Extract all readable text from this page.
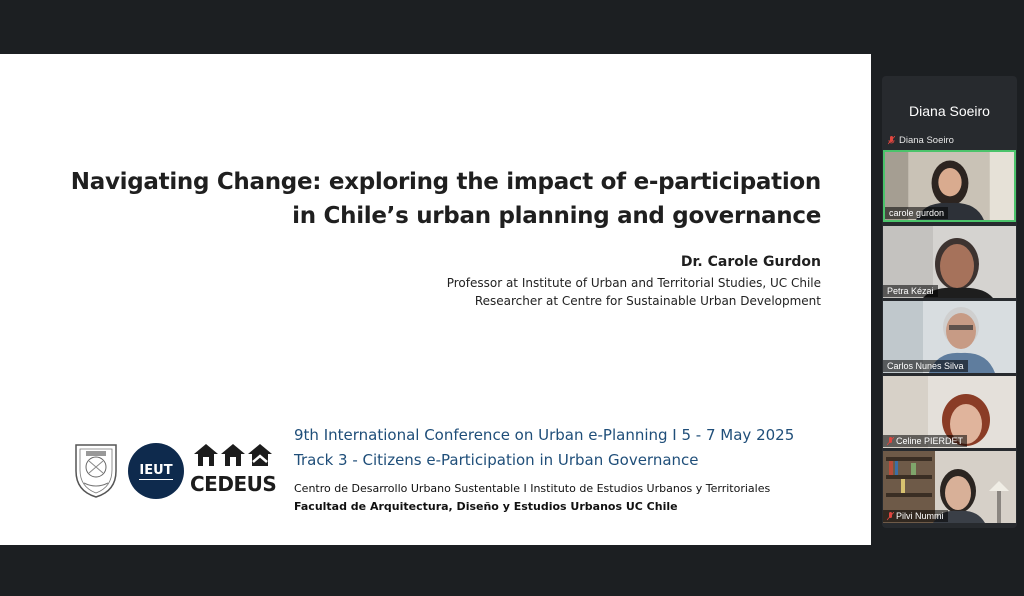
Navigating Change: exploring the impact of e-participation
in Chile’s urban planning and governance
Dr. Carole Gurdon
Professor at Institute of Urban and Territorial Studies, UC Chile
Researcher at Centre for Sustainable Urban Development
IEUT
CEDEUS
9th International Conference on Urban e-Planning I 5 - 7 May 2025
Track 3 - Citizens e-Participation in Urban Governance
Centro de Desarrollo Urbano Sustentable I Instituto de Estudios Urbanos y Territoriales
Facultad de Arquitectura, Diseño y Estudios Urbanos UC Chile
Diana Soeiro
Diana Soeiro
carole gurdon
Petra Kézai
Carlos Nunes Silva
Celine PIERDET
Pilvi Nummi
